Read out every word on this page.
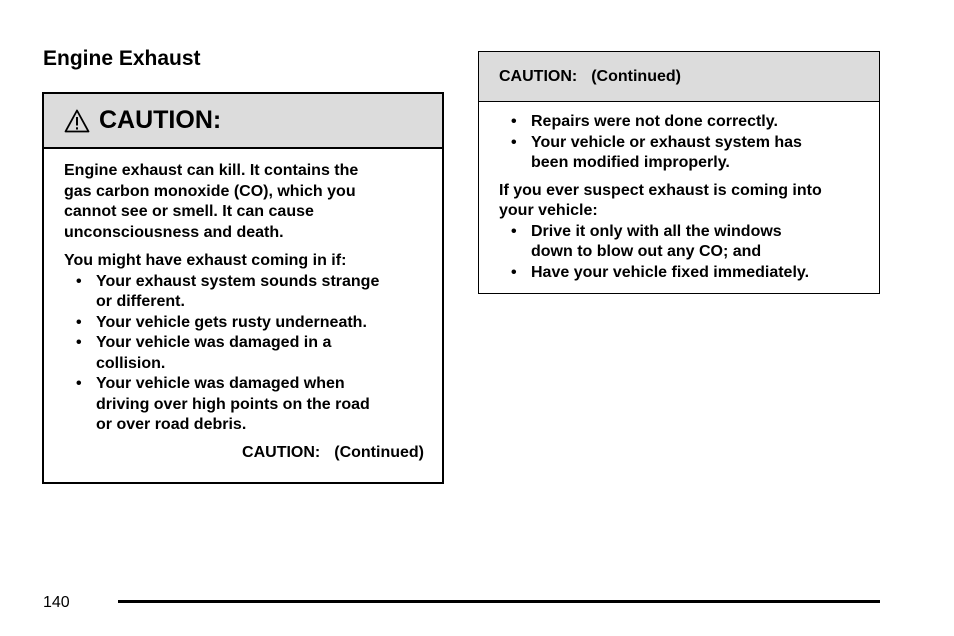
Engine Exhaust
CAUTION:

Engine exhaust can kill. It contains the
gas carbon monoxide (CO), which you
cannot see or smell. It can cause
unconsciousness and death.

You might have exhaust coming in if:

• Your exhaust system sounds strange
or different.
• Your vehicle gets rusty underneath.
• Your vehicle was damaged in a
collision.
• Your vehicle was damaged when
driving over high points on the road
or over road debris.
CAUTION: (Continued)
CAUTION: (Continued)
• Repairs were not done correctly.
• Your vehicle or exhaust system has
been modified improperly.

If you ever suspect exhaust is coming into
your vehicle:

• Drive it only with all the windows
down to blow out any CO; and
• Have your vehicle fixed immediately.
140
